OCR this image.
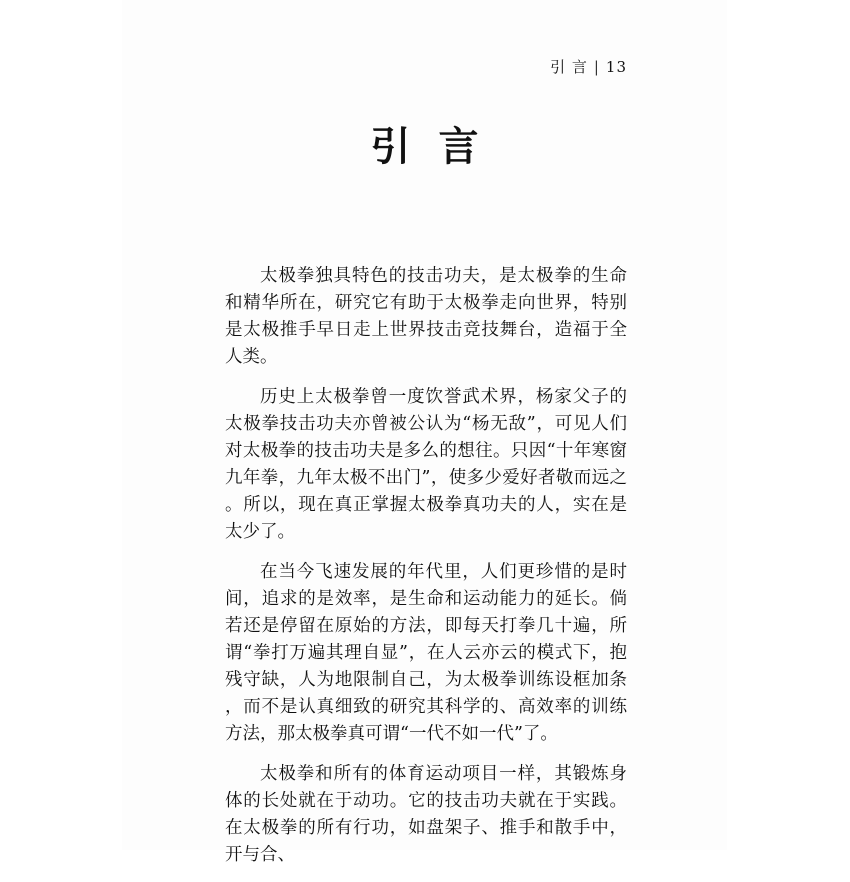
引 言 | 13
引言

太极拳独具特色的技击功夫，是太极拳的生命和精华所在，研究它有助于太极拳走向世界，特别是太极推手早日走上世界技击竞技舞台，造福于全人类。

历史上太极拳曾一度饮誉武术界，杨家父子的太极拳技击功夫亦曾被公认为“杨无敌”，可见人们对太极拳的技击功夫是多么的想往。只因“十年寒窗九年拳，九年太极不出门”，使多少爱好者敬而远之。所以，现在真正掌握太极拳真功夫的人，实在是太少了。

在当今飞速发展的年代里，人们更珍惜的是时间，追求的是效率，是生命和运动能力的延长。倘若还是停留在原始的方法，即每天打拳几十遍，所谓“拳打万遍其理自显”，在人云亦云的模式下，抱残守缺，人为地限制自己，为太极拳训练设框加条，而不是认真细致的研究其科学的、高效率的训练方法，那太极拳真可谓“一代不如一代”了。

太极拳和所有的体育运动项目一样，其锻炼身体的长处就在于动功。它的技击功夫就在于实践。在太极拳的所有行功，如盘架子、推手和散手中，开与合、
